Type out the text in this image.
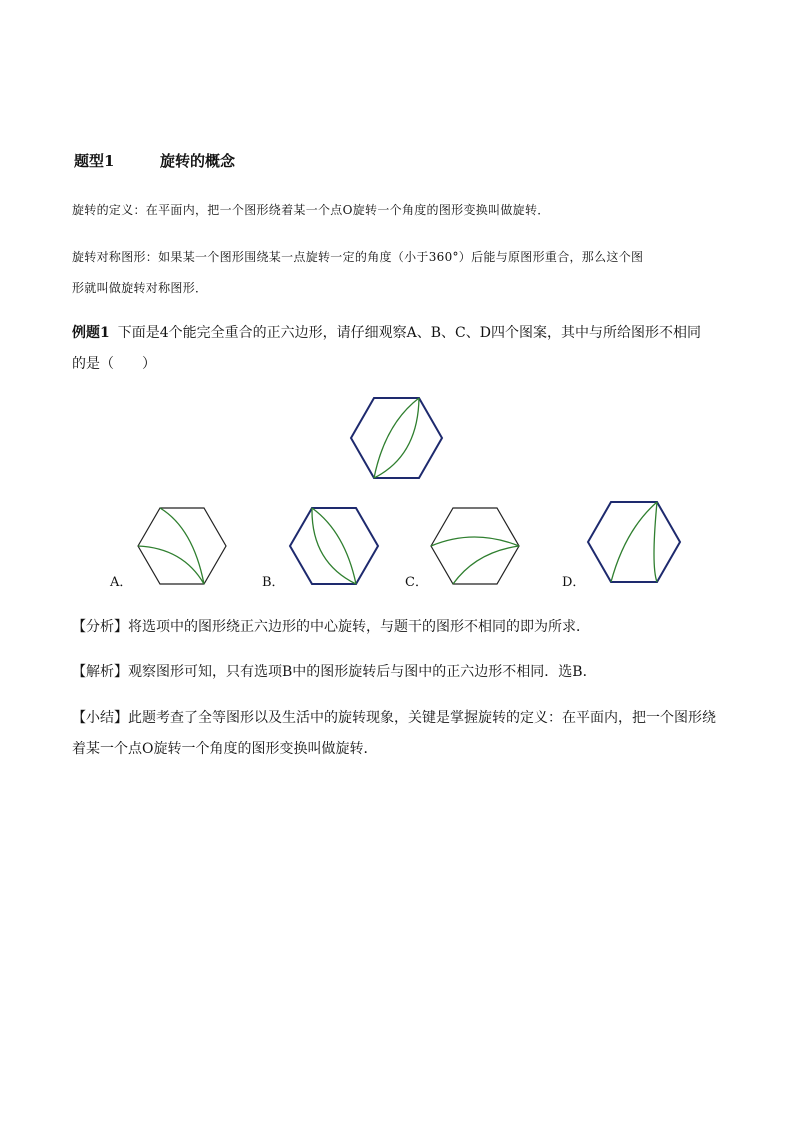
题型1	旋转的概念
旋转的定义：在平面内，把一个图形绕着某一个点O旋转一个角度的图形变换叫做旋转．
旋转对称图形：如果某一个图形围绕某一点旋转一定的角度（小于360°）后能与原图形重合，那么这个图
形就叫做旋转对称图形．
例题1 下面是4个能完全重合的正六边形，请仔细观察A、B、C、D四个图案，其中与所给图形不相同
的是（　　）
A．	B．	C．	D．
【分析】将选项中的图形绕正六边形的中心旋转，与题干的图形不相同的即为所求．
【解析】观察图形可知，只有选项B中的图形旋转后与图中的正六边形不相同．选B．
【小结】此题考查了全等图形以及生活中的旋转现象，关键是掌握旋转的定义：在平面内，把一个图形绕
着某一个点O旋转一个角度的图形变换叫做旋转．
